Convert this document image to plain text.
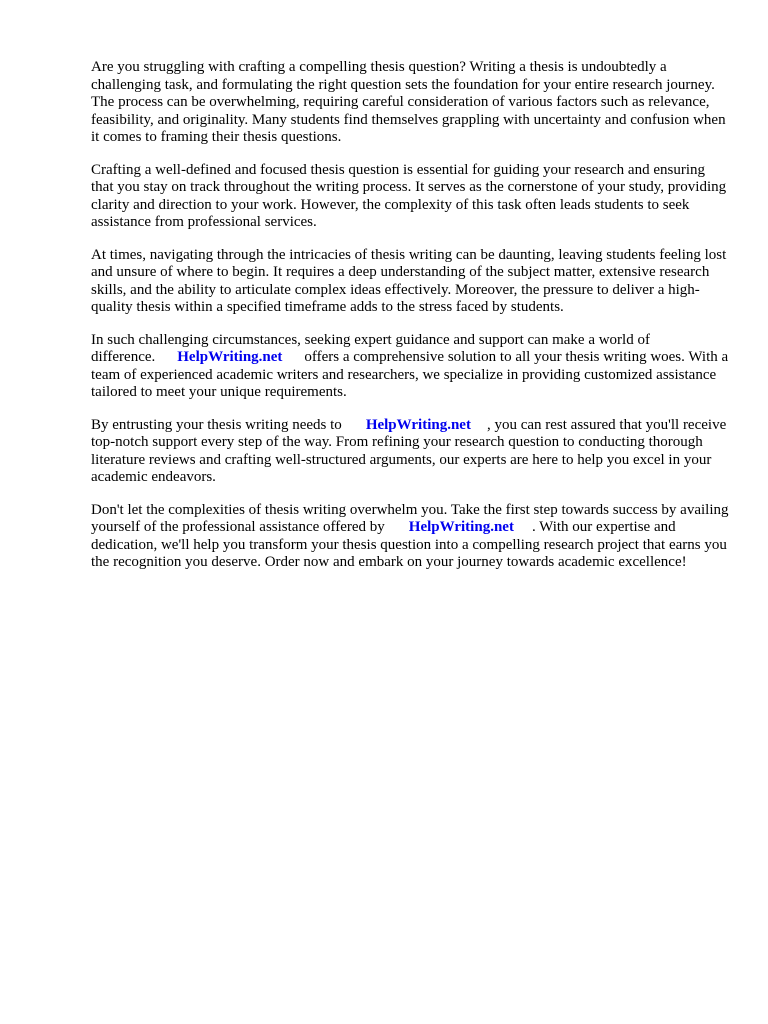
Are you struggling with crafting a compelling thesis question? Writing a thesis is undoubtedly a challenging task, and formulating the right question sets the foundation for your entire research journey. The process can be overwhelming, requiring careful consideration of various factors such as relevance, feasibility, and originality. Many students find themselves grappling with uncertainty and confusion when it comes to framing their thesis questions.

Crafting a well-defined and focused thesis question is essential for guiding your research and ensuring that you stay on track throughout the writing process. It serves as the cornerstone of your study, providing clarity and direction to your work. However, the complexity of this task often leads students to seek assistance from professional services.

At times, navigating through the intricacies of thesis writing can be daunting, leaving students feeling lost and unsure of where to begin. It requires a deep understanding of the subject matter, extensive research skills, and the ability to articulate complex ideas effectively. Moreover, the pressure to deliver a high-quality thesis within a specified timeframe adds to the stress faced by students.

In such challenging circumstances, seeking expert guidance and support can make a world of difference. HelpWriting.net offers a comprehensive solution to all your thesis writing woes. With a team of experienced academic writers and researchers, we specialize in providing customized assistance tailored to meet your unique requirements.

By entrusting your thesis writing needs to HelpWriting.net , you can rest assured that you'll receive top-notch support every step of the way. From refining your research question to conducting thorough literature reviews and crafting well-structured arguments, our experts are here to help you excel in your academic endeavors.

Don't let the complexities of thesis writing overwhelm you. Take the first step towards success by availing yourself of the professional assistance offered by HelpWriting.net . With our expertise and dedication, we'll help you transform your thesis question into a compelling research project that earns you the recognition you deserve. Order now and embark on your journey towards academic excellence!
